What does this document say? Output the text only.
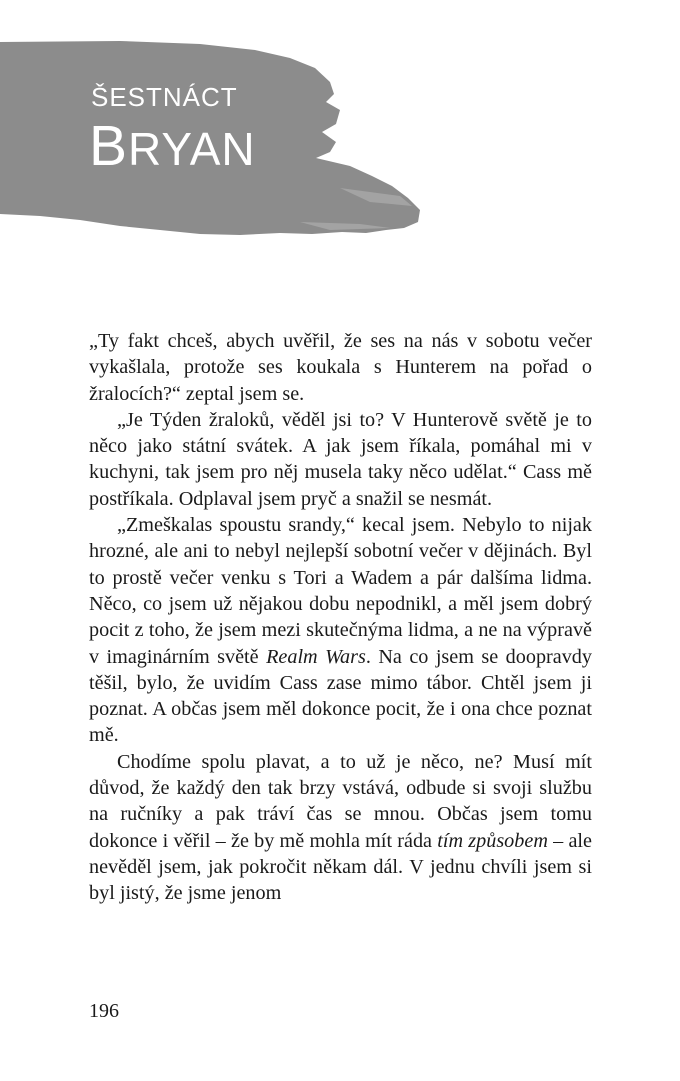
ŠESTNÁCT
BRYAN

„Ty fakt chceš, abych uvěřil, že ses na nás v sobotu večer vykašlala, protože ses koukala s Hunterem na pořad o žralocích?“ zeptal jsem se.

„Je Týden žraloků, věděl jsi to? V Hunterově světě je to něco jako státní svátek. A jak jsem říkala, pomáhal mi v kuchyni, tak jsem pro něj musela taky něco udělat.“ Cass mě postříkala. Odplaval jsem pryč a snažil se nesmát.

„Zmeškalas spoustu srandy,“ kecal jsem. Nebylo to nijak hrozné, ale ani to nebyl nejlepší sobotní večer v dějinách. Byl to prostě večer venku s Tori a Wadem a pár dalšíma lidma. Něco, co jsem už nějakou dobu nepodnikl, a měl jsem dobrý pocit z toho, že jsem mezi skutečnýma lidma, a ne na výpravě v imaginárním světě Realm Wars. Na co jsem se doopravdy těšil, bylo, že uvidím Cass zase mimo tábor. Chtěl jsem ji poznat. A občas jsem měl dokonce pocit, že i ona chce poznat mě.

Chodíme spolu plavat, a to už je něco, ne? Musí mít důvod, že každý den tak brzy vstává, odbude si svoji službu na ručníky a pak tráví čas se mnou. Občas jsem tomu dokonce i věřil – že by mě mohla mít ráda tím způsobem – ale nevěděl jsem, jak pokročit někam dál. V jednu chvíli jsem si byl jistý, že jsme jenom

196
